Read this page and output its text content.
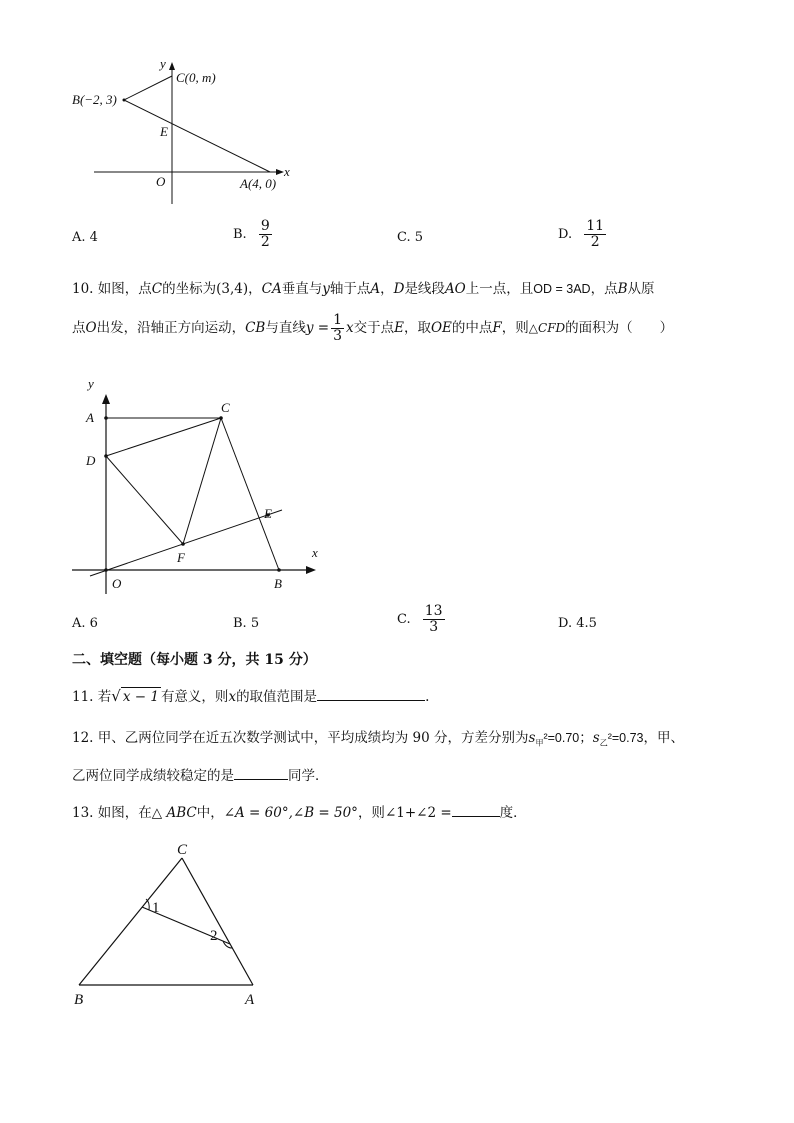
y
x
C(0, m)
B(−2, 3)
E
O	A(4, 0)
A. 4	B. $\frac{9}{2}$	C. 5	D. $\frac{11}{2}$
10. 如图，点C的坐标为(3,4)，CA垂直与y轴于点A，D是线段AO上一点，且OD = 3AD，点B从原
点O出发，沿轴正方向运动，CB与直线$y = \frac{1}{3}$ x交于点E，取OE的中点F，则△CFD的面积为（　　）
y
A
C
D
E
F	x
O	B
A. 6	B. 5	C. $\frac{13}{3}$	D. 4.5
二、填空题（每小题 3 分，共 15 分）
11. 若√ x − 1 有意义，则x的取值范围是	.
12. 甲、乙两位同学在近五次数学测试中，平均成绩均为 90 分，方差分别为$s_甲^2=0.70$；$s_乙^2=0.73$，甲、
乙两位同学成绩较稳定的是	同学．
13. 如图，在△ ABC中，∠A = 60°,∠B = 50°，则∠1+∠2 =	度．
C
B	A
1
2
